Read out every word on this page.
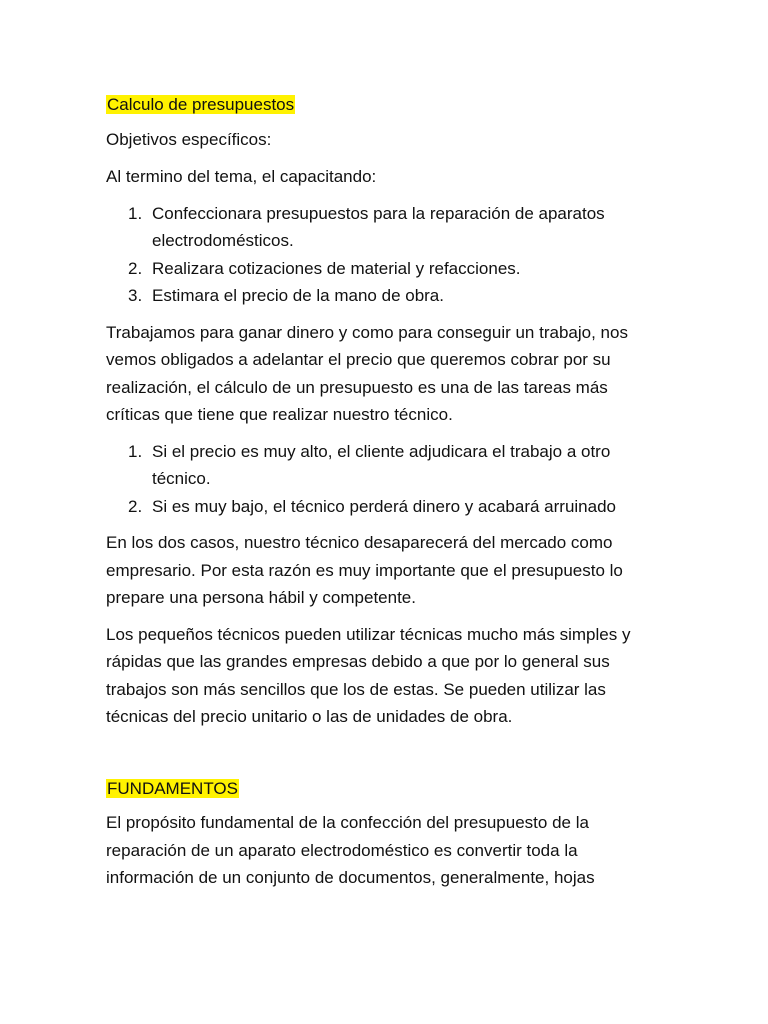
Calculo de presupuestos

Objetivos específicos:

Al termino del tema, el capacitando:

1. Confeccionara presupuestos para la reparación de aparatos electrodomésticos.
2. Realizara cotizaciones de material y refacciones.
3. Estimara el precio de la mano de obra.

Trabajamos para ganar dinero y como para conseguir un trabajo, nos vemos obligados a adelantar el precio que queremos cobrar por su realización, el cálculo de un presupuesto es una de las tareas más críticas que tiene que realizar nuestro técnico.

1. Si el precio es muy alto, el cliente adjudicara el trabajo a otro técnico.
2. Si es muy bajo, el técnico perderá dinero y acabará arruinado

En los dos casos, nuestro técnico desaparecerá del mercado como empresario. Por esta razón es muy importante que el presupuesto lo prepare una persona hábil y competente.

Los pequeños técnicos pueden utilizar técnicas mucho más simples y rápidas que las grandes empresas debido a que por lo general sus trabajos son más sencillos que los de estas. Se pueden utilizar las técnicas del precio unitario o las de unidades de obra.

FUNDAMENTOS

El propósito fundamental de la confección del presupuesto de la reparación de un aparato electrodoméstico es convertir toda la información de un conjunto de documentos, generalmente, hojas
